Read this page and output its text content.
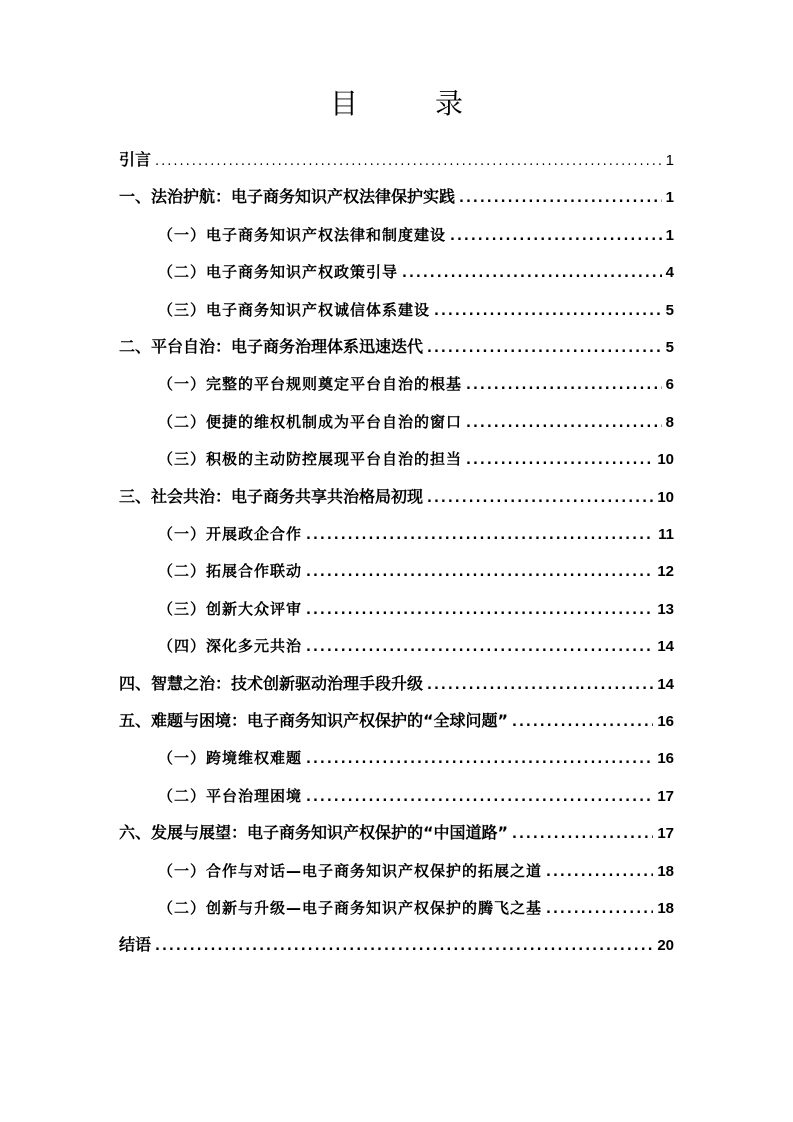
目 录
引言 .....	1
一、法治护航：电子商务知识产权法律保护实践 .....	1
（一）电子商务知识产权法律和制度建设 .....	1
（二）电子商务知识产权政策引导 .....	4
（三）电子商务知识产权诚信体系建设 .....	5
二、平台自治：电子商务治理体系迅速迭代 .....	5
（一）完整的平台规则奠定平台自治的根基 .....	6
（二）便捷的维权机制成为平台自治的窗口 .....	8
（三）积极的主动防控展现平台自治的担当 .....	10
三、社会共治：电子商务共享共治格局初现 .....	10
（一）开展政企合作 .....	11
（二）拓展合作联动 .....	12
（三）创新大众评审 .....	13
（四）深化多元共治 .....	14
四、智慧之治：技术创新驱动治理手段升级 .....	14
五、难题与困境：电子商务知识产权保护的“全球问题” .....	16
（一）跨境维权难题 .....	16
（二）平台治理困境 .....	17
六、发展与展望：电子商务知识产权保护的“中国道路” .....	17
（一）合作与对话—电子商务知识产权保护的拓展之道 .....	18
（二）创新与升级—电子商务知识产权保护的腾飞之基 .....	18
结语 .....	20
